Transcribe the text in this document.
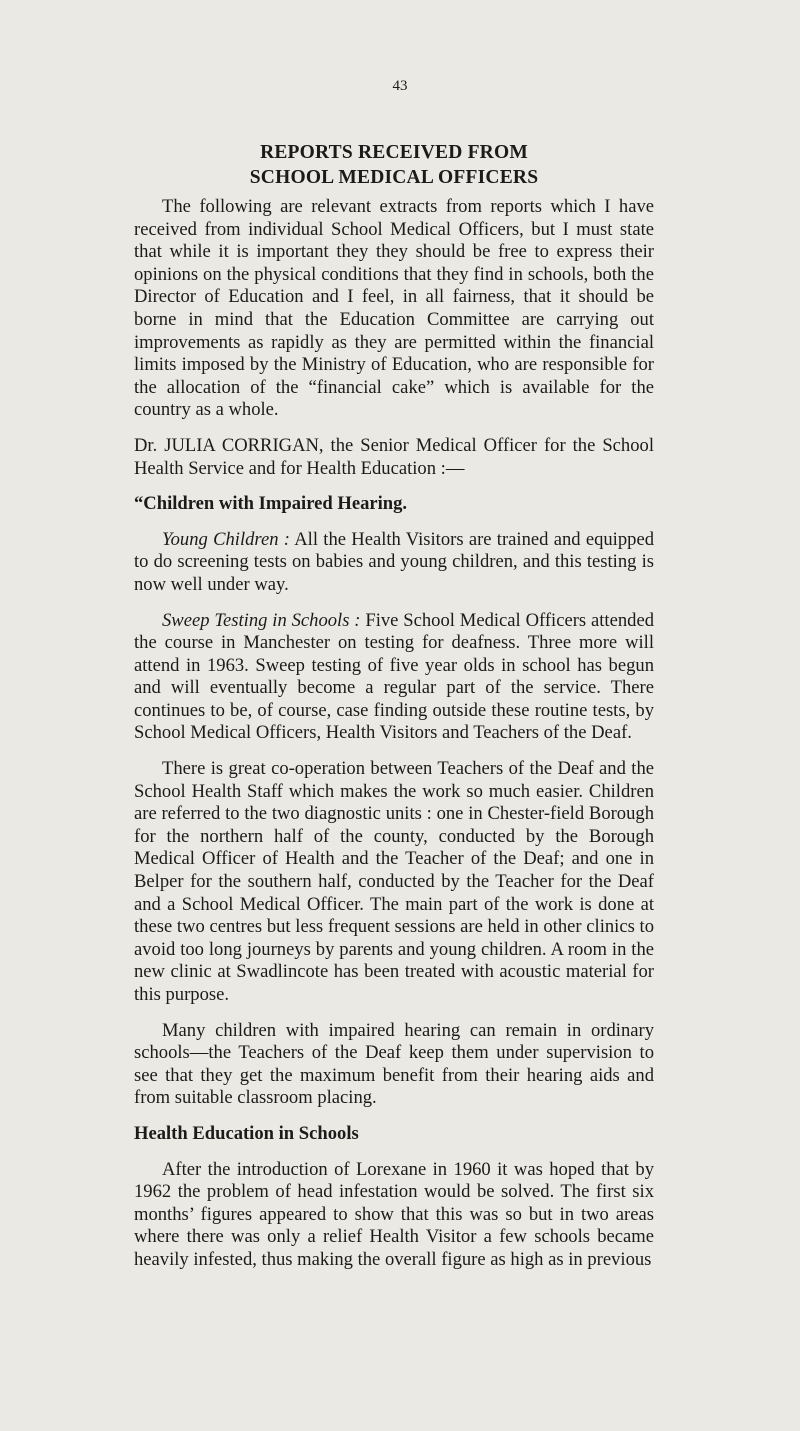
43
REPORTS RECEIVED FROM
SCHOOL MEDICAL OFFICERS

The following are relevant extracts from reports which I have received from individual School Medical Officers, but I must state that while it is important they they should be free to express their opinions on the physical conditions that they find in schools, both the Director of Education and I feel, in all fairness, that it should be borne in mind that the Education Committee are carrying out improvements as rapidly as they are permitted within the financial limits imposed by the Ministry of Education, who are responsible for the allocation of the “financial cake” which is available for the country as a whole.

Dr. JULIA CORRIGAN, the Senior Medical Officer for the School Health Service and for Health Education :—

“Children with Impaired Hearing.

Young Children : All the Health Visitors are trained and equipped to do screening tests on babies and young children, and this testing is now well under way.

Sweep Testing in Schools : Five School Medical Officers attended the course in Manchester on testing for deafness. Three more will attend in 1963. Sweep testing of five year olds in school has begun and will eventually become a regular part of the service. There continues to be, of course, case finding outside these routine tests, by School Medical Officers, Health Visitors and Teachers of the Deaf.

There is great co-operation between Teachers of the Deaf and the School Health Staff which makes the work so much easier. Children are referred to the two diagnostic units : one in Chester-field Borough for the northern half of the county, conducted by the Borough Medical Officer of Health and the Teacher of the Deaf; and one in Belper for the southern half, conducted by the Teacher for the Deaf and a School Medical Officer. The main part of the work is done at these two centres but less frequent sessions are held in other clinics to avoid too long journeys by parents and young children. A room in the new clinic at Swadlincote has been treated with acoustic material for this purpose.

Many children with impaired hearing can remain in ordinary schools—the Teachers of the Deaf keep them under supervision to see that they get the maximum benefit from their hearing aids and from suitable classroom placing.

Health Education in Schools

After the introduction of Lorexane in 1960 it was hoped that by 1962 the problem of head infestation would be solved. The first six months’ figures appeared to show that this was so but in two areas where there was only a relief Health Visitor a few schools became heavily infested, thus making the overall figure as high as in previous
